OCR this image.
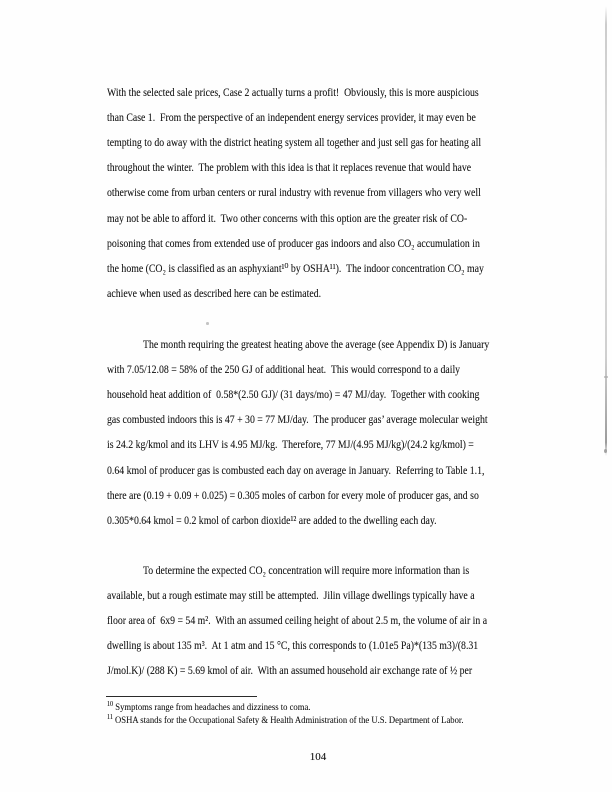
With the selected sale prices, Case 2 actually turns a profit!  Obviously, this is more auspicious
than Case 1.  From the perspective of an independent energy services provider, it may even be
tempting to do away with the district heating system all together and just sell gas for heating all
throughout the winter.  The problem with this idea is that it replaces revenue that would have
otherwise come from urban centers or rural industry with revenue from villagers who very well
may not be able to afford it.  Two other concerns with this option are the greater risk of CO-
poisoning that comes from extended use of producer gas indoors and also CO₂ accumulation in
the home (CO₂ is classified as an asphyxiant¹⁰ by OSHA¹¹).  The indoor concentration CO₂ may
achieve when used as described here can be estimated.
The month requiring the greatest heating above the average (see Appendix D) is January
with 7.05/12.08 = 58% of the 250 GJ of additional heat.  This would correspond to a daily
household heat addition of  0.58*(2.50 GJ)/ (31 days/mo) = 47 MJ/day.  Together with cooking
gas combusted indoors this is 47 + 30 = 77 MJ/day.  The producer gas’ average molecular weight
is 24.2 kg/kmol and its LHV is 4.95 MJ/kg.  Therefore, 77 MJ/(4.95 MJ/kg)/(24.2 kg/kmol) =
0.64 kmol of producer gas is combusted each day on average in January.  Referring to Table 1.1,
there are (0.19 + 0.09 + 0.025) = 0.305 moles of carbon for every mole of producer gas, and so
0.305*0.64 kmol = 0.2 kmol of carbon dioxide¹² are added to the dwelling each day.
To determine the expected CO₂ concentration will require more information than is
available, but a rough estimate may still be attempted.  Jilin village dwellings typically have a
floor area of  6x9 = 54 m².  With an assumed ceiling height of about 2.5 m, the volume of air in a
dwelling is about 135 m³.  At 1 atm and 15 °C, this corresponds to (1.01e5 Pa)*(135 m3)/(8.31
J/mol.K)/ (288 K) = 5.69 kmol of air.  With an assumed household air exchange rate of ½ per
$^{10}$ Symptoms range from headaches and dizziness to coma.
$^{11}$ OSHA stands for the Occupational Safety & Health Administration of the U.S. Department of Labor.
104
